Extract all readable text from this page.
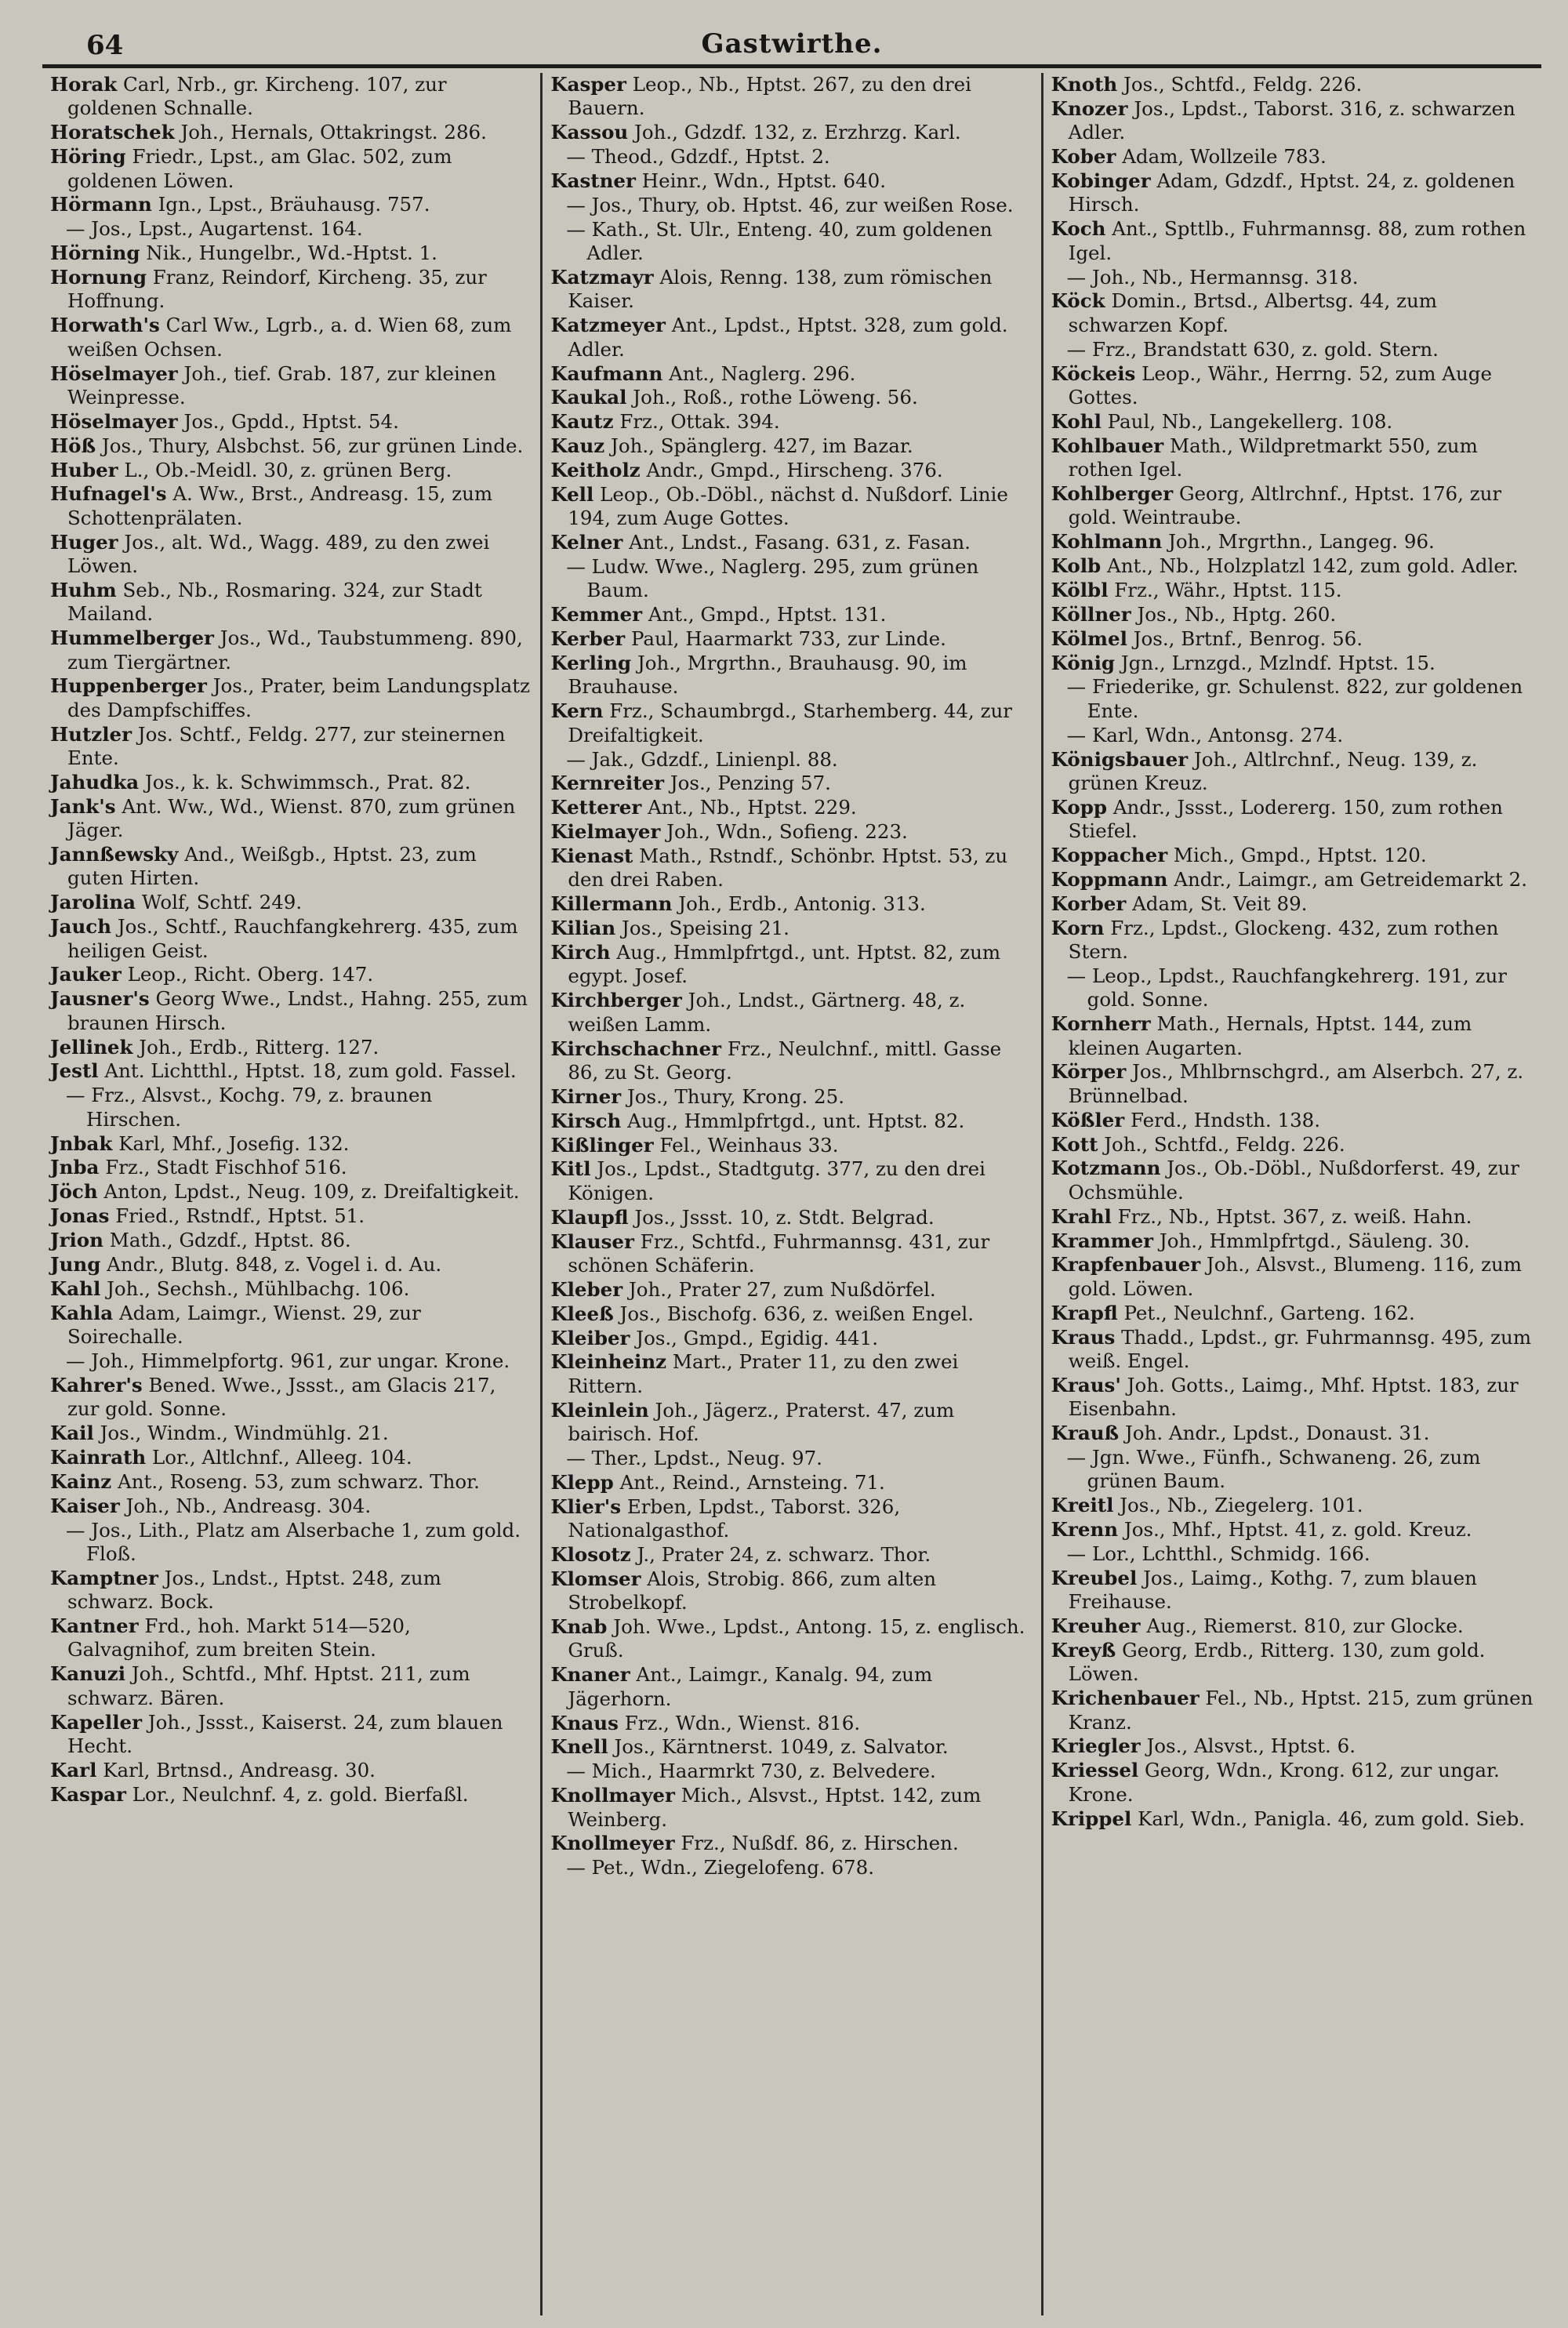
64	Gastwirthe.
Horak Carl, Nrb., gr. Kircheng. 107, zur goldenen Schnalle.
Horatschek Joh., Hernals, Ottakringst. 286.
Höring Friedr., Lpst., am Glac. 502, zum goldenen Löwen.
Hörmann Ign., Lpst., Bräuhausg. 757.
— Jos., Lpst., Augartenst. 164.
Hörning Nik., Hungelbr., Wd.-Hptst. 1.
Hornung Franz, Reindorf, Kircheng. 35, zur Hoffnung.
Horwath's Carl Ww., Lgrb., a. d. Wien 68, zum weißen Ochsen.
Höselmayer Joh., tief. Grab. 187, zur kleinen Weinpresse.
Höselmayer Jos., Gpdd., Hptst. 54.
Höß Jos., Thury, Alsbchst. 56, zur grünen Linde.
Huber L., Ob.-Meidl. 30, z. grünen Berg.
Hufnagel's A. Ww., Brst., Andreasg. 15, zum Schottenprälaten.
Huger Jos., alt. Wd., Wagg. 489, zu den zwei Löwen.
Huhm Seb., Nb., Rosmaring. 324, zur Stadt Mailand.
Hummelberger Jos., Wd., Taubstummeng. 890, zum Tiergärtner.
Huppenberger Jos., Prater, beim Landungsplatz des Dampfschiffes.
Hutzler Jos. Schtf., Feldg. 277, zur steinernen Ente.
Jahudka Jos., k. k. Schwimmsch., Prat. 82.
Jank's Ant. Ww., Wd., Wienst. 870, zum grünen Jäger.
Jannßewsky And., Weißgb., Hptst. 23, zum guten Hirten.
Jarolina Wolf, Schtf. 249.
Jauch Jos., Schtf., Rauchfangkehrerg. 435, zum heiligen Geist.
Jauker Leop., Richt. Oberg. 147.
Jausner's Georg Wwe., Lndst., Hahng. 255, zum braunen Hirsch.
Jellinek Joh., Erdb., Ritterg. 127.
Jestl Ant. Lichtthl., Hptst. 18, zum gold. Fassel.
— Frz., Alsvst., Kochg. 79, z. braunen Hirschen.
Jnbak Karl, Mhf., Josefig. 132.
Jnba Frz., Stadt Fischhof 516.
Jöch Anton, Lpdst., Neug. 109, z. Dreifaltigkeit.
Jonas Fried., Rstndf., Hptst. 51.
Jrion Math., Gdzdf., Hptst. 86.
Jung Andr., Blutg. 848, z. Vogel i. d. Au.
Kahl Joh., Sechsh., Mühlbachg. 106.
Kahla Adam, Laimgr., Wienst. 29, zur Soirechalle.
— Joh., Himmelpfortg. 961, zur ungar. Krone.
Kahrer's Bened. Wwe., Jssst., am Glacis 217, zur gold. Sonne.
Kail Jos., Windm., Windmühlg. 21.
Kainrath Lor., Altlchnf., Alleeg. 104.
Kainz Ant., Roseng. 53, zum schwarz. Thor.
Kaiser Joh., Nb., Andreasg. 304.
— Jos., Lith., Platz am Alserbache 1, zum gold. Floß.
Kamptner Jos., Lndst., Hptst. 248, zum schwarz. Bock.
Kantner Frd., hoh. Markt 514—520, Galvagnihof, zum breiten Stein.
Kanuzi Joh., Schtfd., Mhf. Hptst. 211, zum schwarz. Bären.
Kapeller Joh., Jssst., Kaiserst. 24, zum blauen Hecht.
Karl Karl, Brtnsd., Andreasg. 30.
Kaspar Lor., Neulchnf. 4, z. gold. Bierfaßl.
Kasper Leop., Nb., Hptst. 267, zu den drei Bauern.
Kassou Joh., Gdzdf. 132, z. Erzhrzg. Karl.
— Theod., Gdzdf., Hptst. 2.
Kastner Heinr., Wdn., Hptst. 640.
— Jos., Thury, ob. Hptst. 46, zur weißen Rose.
— Kath., St. Ulr., Enteng. 40, zum goldenen Adler.
Katzmayr Alois, Renng. 138, zum römischen Kaiser.
Katzmeyer Ant., Lpdst., Hptst. 328, zum gold. Adler.
Kaufmann Ant., Naglerg. 296.
Kaukal Joh., Roß., rothe Löweng. 56.
Kautz Frz., Ottak. 394.
Kauz Joh., Spänglerg. 427, im Bazar.
Keitholz Andr., Gmpd., Hirscheng. 376.
Kell Leop., Ob.-Döbl., nächst d. Nußdorf. Linie 194, zum Auge Gottes.
Kelner Ant., Lndst., Fasang. 631, z. Fasan.
— Ludw. Wwe., Naglerg. 295, zum grünen Baum.
Kemmer Ant., Gmpd., Hptst. 131.
Kerber Paul, Haarmarkt 733, zur Linde.
Kerling Joh., Mrgrthn., Brauhausg. 90, im Brauhause.
Kern Frz., Schaumbrgd., Starhemberg. 44, zur Dreifaltigkeit.
— Jak., Gdzdf., Linienpl. 88.
Kernreiter Jos., Penzing 57.
Ketterer Ant., Nb., Hptst. 229.
Kielmayer Joh., Wdn., Sofieng. 223.
Kienast Math., Rstndf., Schönbr. Hptst. 53, zu den drei Raben.
Killermann Joh., Erdb., Antonig. 313.
Kilian Jos., Speising 21.
Kirch Aug., Hmmlpfrtgd., unt. Hptst. 82, zum egypt. Josef.
Kirchberger Joh., Lndst., Gärtnerg. 48, z. weißen Lamm.
Kirchschachner Frz., Neulchnf., mittl. Gasse 86, zu St. Georg.
Kirner Jos., Thury, Krong. 25.
Kirsch Aug., Hmmlpfrtgd., unt. Hptst. 82.
Kißlinger Fel., Weinhaus 33.
Kitl Jos., Lpdst., Stadtgutg. 377, zu den drei Königen.
Klaupfl Jos., Jssst. 10, z. Stdt. Belgrad.
Klauser Frz., Schtfd., Fuhrmannsg. 431, zur schönen Schäferin.
Kleber Joh., Prater 27, zum Nußdörfel.
Kleeß Jos., Bischofg. 636, z. weißen Engel.
Kleiber Jos., Gmpd., Egidig. 441.
Kleinheinz Mart., Prater 11, zu den zwei Rittern.
Kleinlein Joh., Jägerz., Praterst. 47, zum bairisch. Hof.
— Ther., Lpdst., Neug. 97.
Klepp Ant., Reind., Arnsteing. 71.
Klier's Erben, Lpdst., Taborst. 326, Nationalgasthof.
Klosotz J., Prater 24, z. schwarz. Thor.
Klomser Alois, Strobig. 866, zum alten Strobelkopf.
Knab Joh. Wwe., Lpdst., Antong. 15, z. englisch. Gruß.
Knaner Ant., Laimgr., Kanalg. 94, zum Jägerhorn.
Knaus Frz., Wdn., Wienst. 816.
Knell Jos., Kärntnerst. 1049, z. Salvator.
— Mich., Haarmrkt 730, z. Belvedere.
Knollmayer Mich., Alsvst., Hptst. 142, zum Weinberg.
Knollmeyer Frz., Nußdf. 86, z. Hirschen.
— Pet., Wdn., Ziegelofeng. 678.
Knoth Jos., Schtfd., Feldg. 226.
Knozer Jos., Lpdst., Taborst. 316, z. schwarzen Adler.
Kober Adam, Wollzeile 783.
Kobinger Adam, Gdzdf., Hptst. 24, z. goldenen Hirsch.
Koch Ant., Spttlb., Fuhrmannsg. 88, zum rothen Igel.
— Joh., Nb., Hermannsg. 318.
Köck Domin., Brtsd., Albertsg. 44, zum schwarzen Kopf.
— Frz., Brandstatt 630, z. gold. Stern.
Köckeis Leop., Währ., Herrng. 52, zum Auge Gottes.
Kohl Paul, Nb., Langekellerg. 108.
Kohlbauer Math., Wildpretmarkt 550, zum rothen Igel.
Kohlberger Georg, Altlrchnf., Hptst. 176, zur gold. Weintraube.
Kohlmann Joh., Mrgrthn., Langeg. 96.
Kolb Ant., Nb., Holzplatzl 142, zum gold. Adler.
Kölbl Frz., Währ., Hptst. 115.
Köllner Jos., Nb., Hptg. 260.
Kölmel Jos., Brtnf., Benrog. 56.
König Jgn., Lrnzgd., Mzlndf. Hptst. 15.
— Friederike, gr. Schulenst. 822, zur goldenen Ente.
— Karl, Wdn., Antonsg. 274.
Königsbauer Joh., Altlrchnf., Neug. 139, z. grünen Kreuz.
Kopp Andr., Jssst., Lodererg. 150, zum rothen Stiefel.
Koppacher Mich., Gmpd., Hptst. 120.
Koppmann Andr., Laimgr., am Getreidemarkt 2.
Korber Adam, St. Veit 89.
Korn Frz., Lpdst., Glockeng. 432, zum rothen Stern.
— Leop., Lpdst., Rauchfangkehrerg. 191, zur gold. Sonne.
Kornherr Math., Hernals, Hptst. 144, zum kleinen Augarten.
Körper Jos., Mhlbrnschgrd., am Alserbch. 27, z. Brünnelbad.
Kößler Ferd., Hndsth. 138.
Kott Joh., Schtfd., Feldg. 226.
Kotzmann Jos., Ob.-Döbl., Nußdorferst. 49, zur Ochsmühle.
Krahl Frz., Nb., Hptst. 367, z. weiß. Hahn.
Krammer Joh., Hmmlpfrtgd., Säuleng. 30.
Krapfenbauer Joh., Alsvst., Blumeng. 116, zum gold. Löwen.
Krapfl Pet., Neulchnf., Garteng. 162.
Kraus Thadd., Lpdst., gr. Fuhrmannsg. 495, zum weiß. Engel.
Kraus' Joh. Gotts., Laimg., Mhf. Hptst. 183, zur Eisenbahn.
Krauß Joh. Andr., Lpdst., Donaust. 31.
— Jgn. Wwe., Fünfh., Schwaneng. 26, zum grünen Baum.
Kreitl Jos., Nb., Ziegelerg. 101.
Krenn Jos., Mhf., Hptst. 41, z. gold. Kreuz.
— Lor., Lchtthl., Schmidg. 166.
Kreubel Jos., Laimg., Kothg. 7, zum blauen Freihause.
Kreuher Aug., Riemerst. 810, zur Glocke.
Kreyß Georg, Erdb., Ritterg. 130, zum gold. Löwen.
Krichenbauer Fel., Nb., Hptst. 215, zum grünen Kranz.
Kriegler Jos., Alsvst., Hptst. 6.
Kriessel Georg, Wdn., Krong. 612, zur ungar. Krone.
Krippel Karl, Wdn., Panigla. 46, zum gold. Sieb.
